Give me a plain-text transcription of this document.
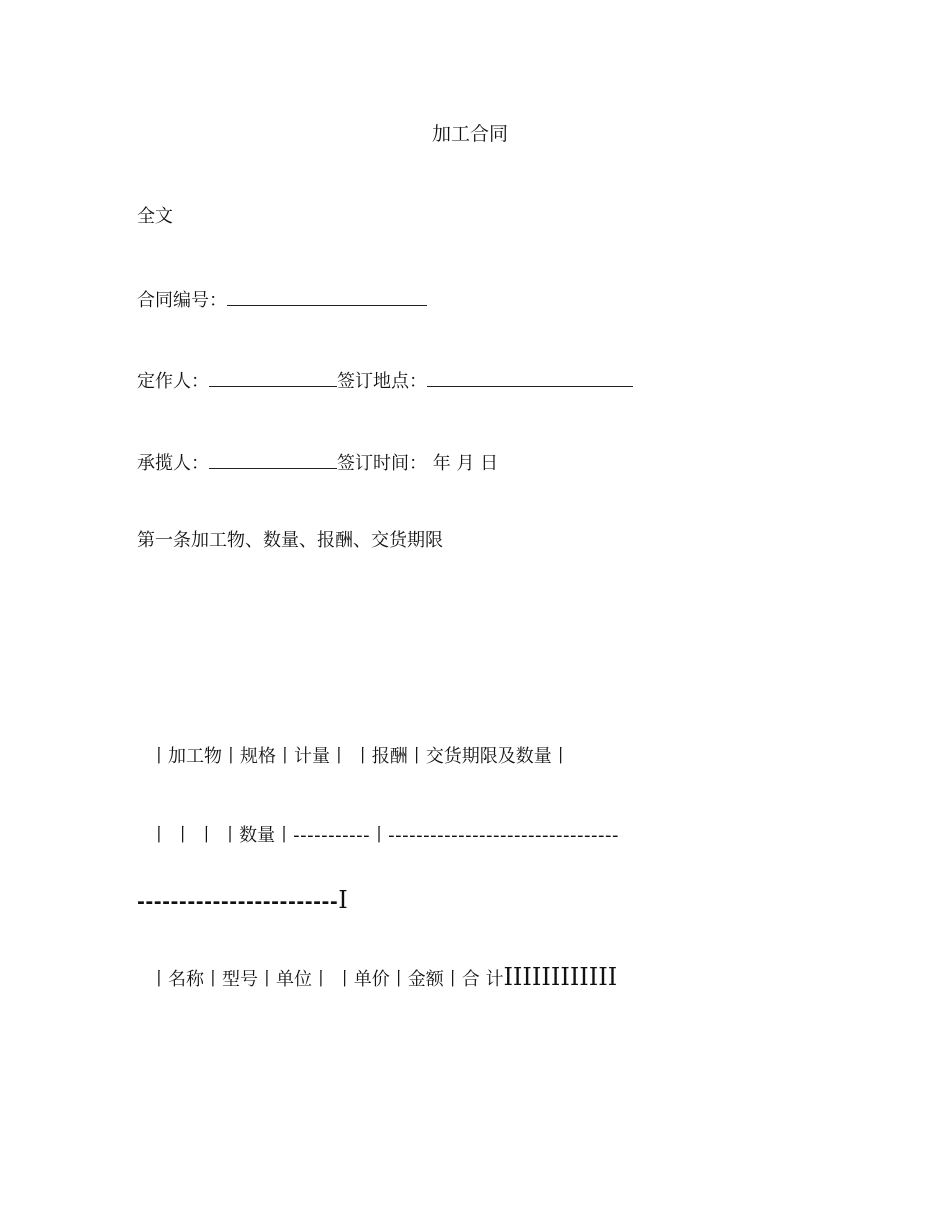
加工合同
全文
合同编号：
定作人：	签订地点：
承揽人：	签订时间： 年 月 日
第一条加工物、数量、报酬、交货期限
丨加工物丨规格丨计量丨 丨报酬丨交货期限及数量丨
丨 丨 丨 丨数量丨-----------丨---------------------------------
------------------------I
丨名称丨型号丨单位丨 丨单价丨金额丨合 计IIIIIIIIIIII
